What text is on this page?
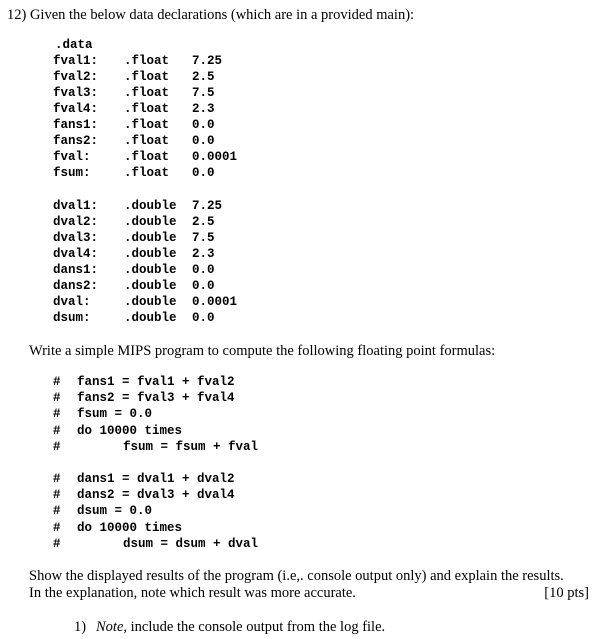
12) Given the below data declarations (which are in a provided main):
.data
fval1: .float 7.25
fval2: .float 2.5
fval3: .float 7.5
fval4: .float 2.3
fans1: .float 0.0
fans2: .float 0.0
fval:	.float 0.0001
fsum:	.float 0.0
dval1: .double 7.25
dval2: .double 2.5
dval3: .double 7.5
dval4: .double 2.3
dans1: .double 0.0
dans2: .double 0.0
dval:	.double 0.0001
dsum:	.double 0.0
Write a simple MIPS program to compute the following floating point formulas:
# fans1 = fval1 + fval2
# fans2 = fval3 + fval4
# fsum = 0.0
# do 10000 times
#	fsum = fsum + fval
# dans1 = dval1 + dval2
# dans2 = dval3 + dval4
# dsum = 0.0
# do 10000 times
#	dsum = dsum + dval
Show the displayed results of the program (i.e,. console output only) and explain the results.
In the explanation, note which result was more accurate.	[10 pts]
1) Note, include the console output from the log file.
